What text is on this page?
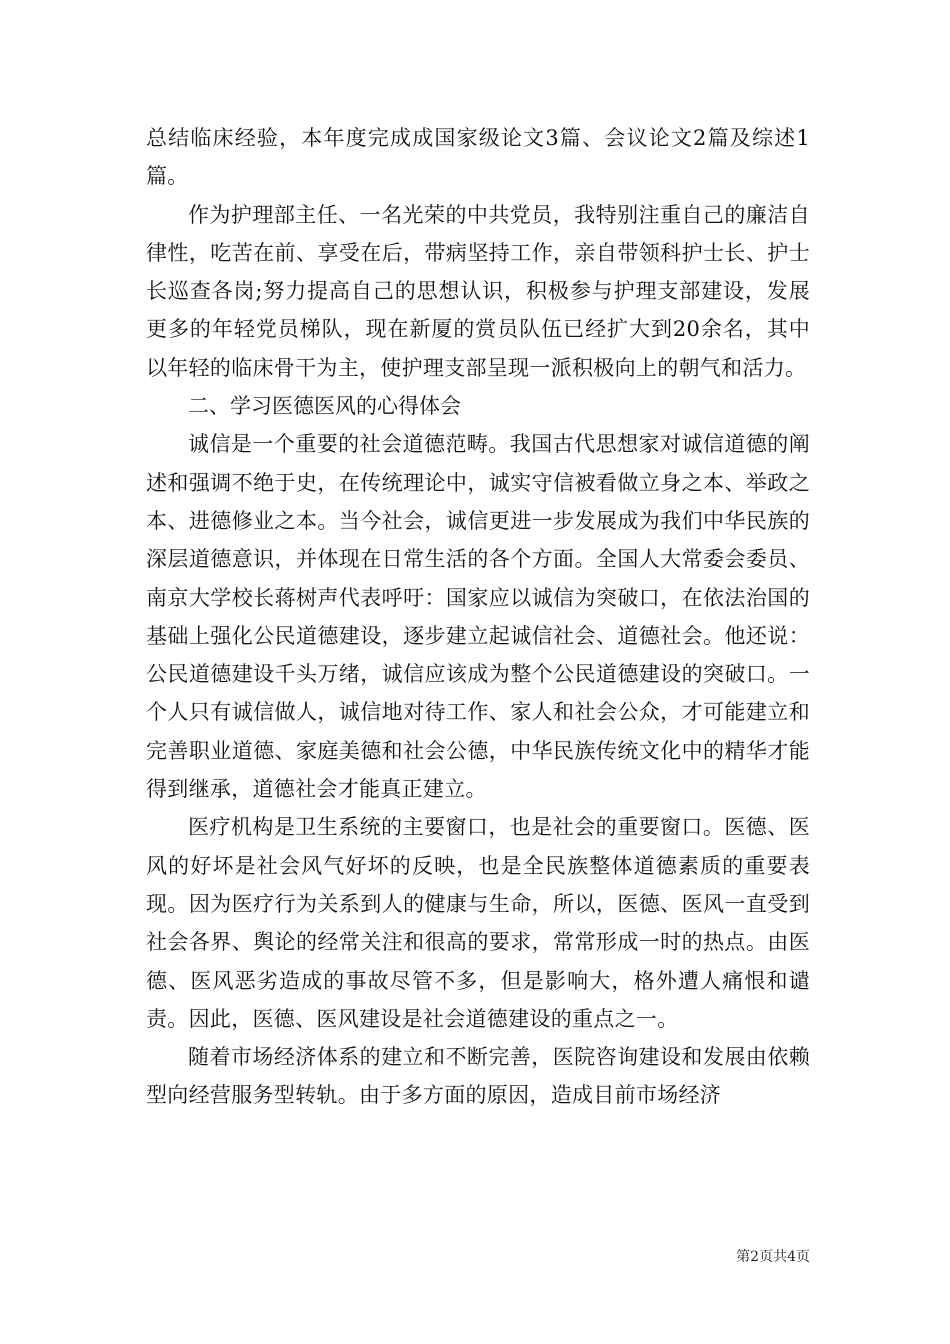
总结临床经验，本年度完成成国家级论文3篇、会议论文2篇及综述1篇。

作为护理部主任、一名光荣的中共党员，我特别注重自己的廉洁自律性，吃苦在前、享受在后，带病坚持工作，亲自带领科护士长、护士长巡查各岗;努力提高自己的思想认识，积极参与护理支部建设，发展更多的年轻党员梯队，现在新厦的赏员队伍已经扩大到20余名，其中以年轻的临床骨干为主，使护理支部呈现一派积极向上的朝气和活力。

二、学习医德医风的心得体会

诚信是一个重要的社会道德范畴。我国古代思想家对诚信道德的阐述和强调不绝于史，在传统理论中，诚实守信被看做立身之本、举政之本、进德修业之本。当今社会，诚信更进一步发展成为我们中华民族的深层道德意识，并体现在日常生活的各个方面。全国人大常委会委员、南京大学校长蒋树声代表呼吁：国家应以诚信为突破口，在依法治国的基础上强化公民道德建设，逐步建立起诚信社会、道德社会。他还说：公民道德建设千头万绪，诚信应该成为整个公民道德建设的突破口。一个人只有诚信做人，诚信地对待工作、家人和社会公众，才可能建立和完善职业道德、家庭美德和社会公德，中华民族传统文化中的精华才能得到继承，道德社会才能真正建立。

医疗机构是卫生系统的主要窗口，也是社会的重要窗口。医德、医风的好坏是社会风气好坏的反映，也是全民族整体道德素质的重要表现。因为医疗行为关系到人的健康与生命，所以，医德、医风一直受到社会各界、舆论的经常关注和很高的要求，常常形成一时的热点。由医德、医风恶劣造成的事故尽管不多，但是影响大，格外遭人痛恨和谴责。因此，医德、医风建设是社会道德建设的重点之一。

随着市场经济体系的建立和不断完善，医院咨询建设和发展由依赖型向经营服务型转轨。由于多方面的原因，造成目前市场经济

第2页共4页
